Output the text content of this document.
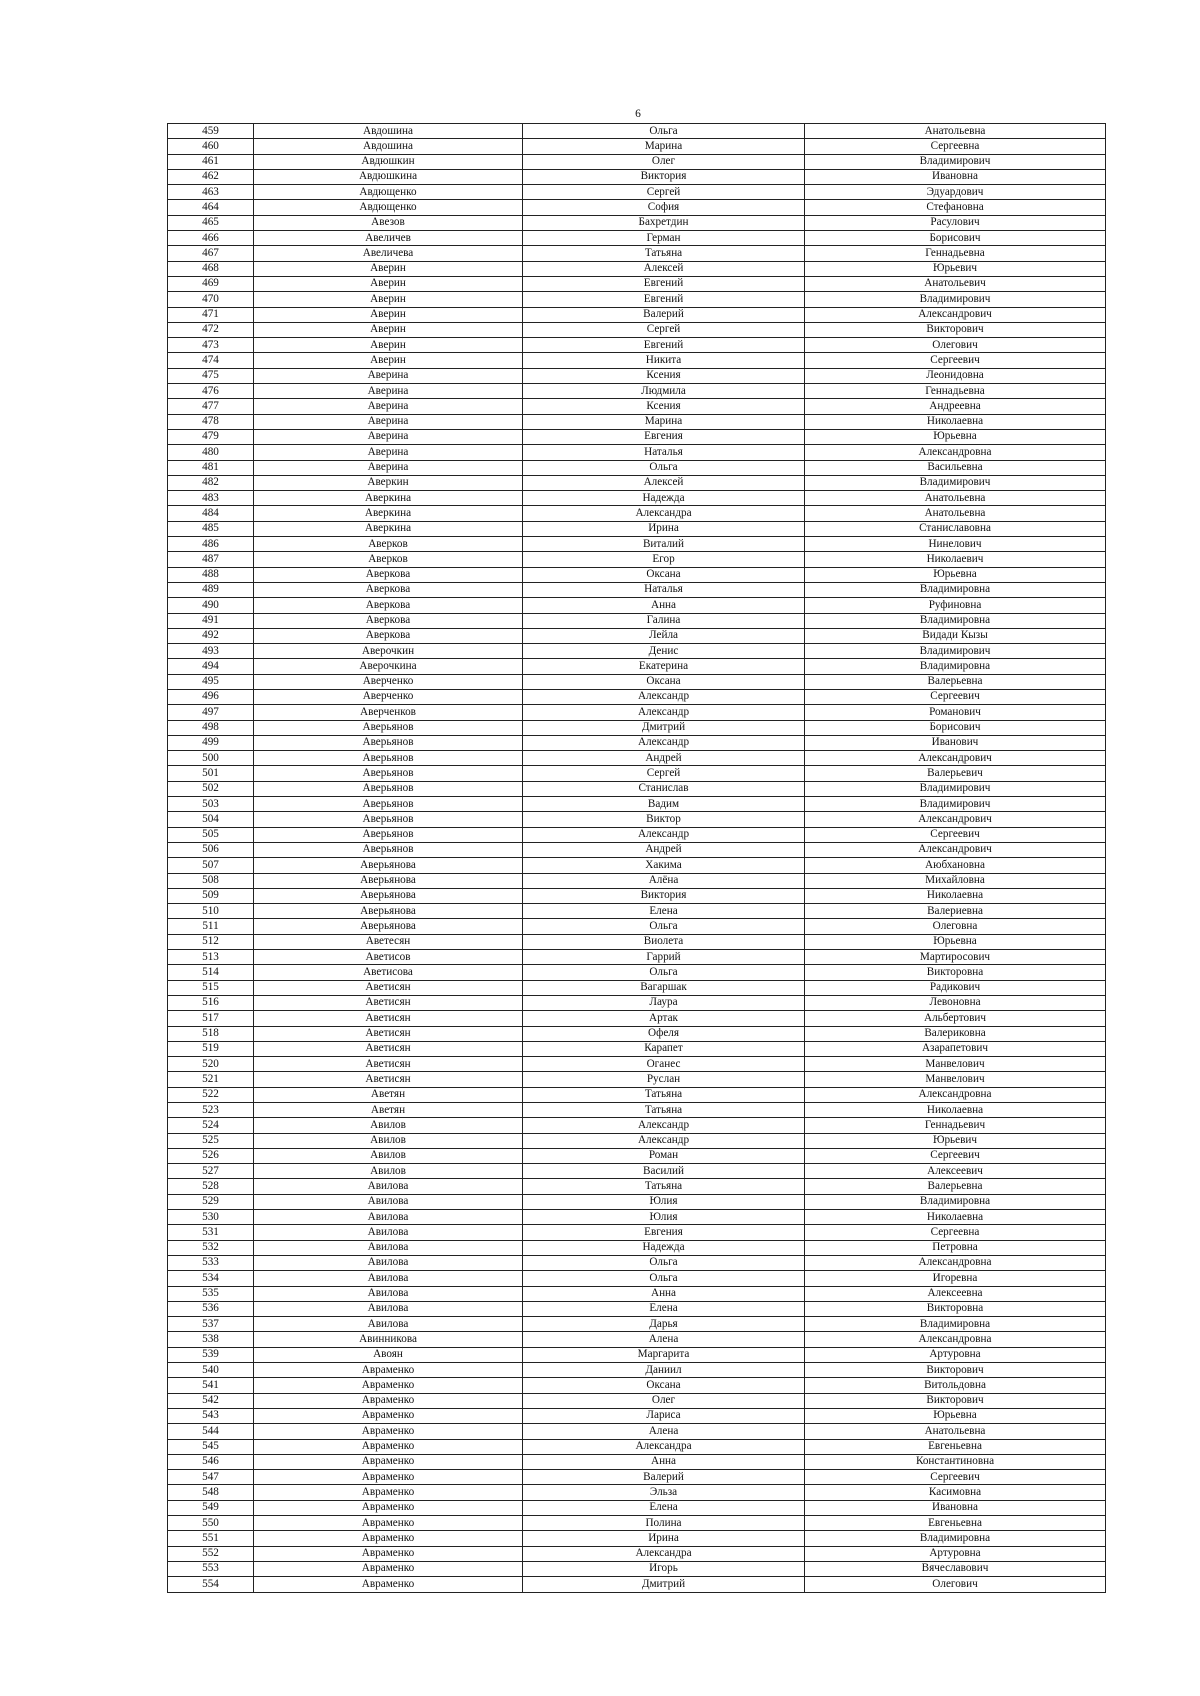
6
459	Авдошина	Ольга	Анатольевна
460	Авдошина	Марина	Сергеевна
461	Авдюшкин	Олег	Владимирович
462	Авдюшкина	Виктория	Ивановна
463	Авдющенко	Сергей	Эдуардович
464	Авдющенко	София	Стефановна
465	Авезов	Бахретдин	Расулович
466	Авеличев	Герман	Борисович
467	Авеличева	Татьяна	Геннадьевна
468	Аверин	Алексей	Юрьевич
469	Аверин	Евгений	Анатольевич
470	Аверин	Евгений	Владимирович
471	Аверин	Валерий	Александрович
472	Аверин	Сергей	Викторович
473	Аверин	Евгений	Олегович
474	Аверин	Никита	Сергеевич
475	Аверина	Ксения	Леонидовна
476	Аверина	Людмила	Геннадьевна
477	Аверина	Ксения	Андреевна
478	Аверина	Марина	Николаевна
479	Аверина	Евгения	Юрьевна
480	Аверина	Наталья	Александровна
481	Аверина	Ольга	Васильевна
482	Аверкин	Алексей	Владимирович
483	Аверкина	Надежда	Анатольевна
484	Аверкина	Александра	Анатольевна
485	Аверкина	Ирина	Станиславовна
486	Аверков	Виталий	Нинелович
487	Аверков	Егор	Николаевич
488	Аверкова	Оксана	Юрьевна
489	Аверкова	Наталья	Владимировна
490	Аверкова	Анна	Руфиновна
491	Аверкова	Галина	Владимировна
492	Аверкова	Лейла	Видади Кызы
493	Аверочкин	Денис	Владимирович
494	Аверочкина	Екатерина	Владимировна
495	Аверченко	Оксана	Валерьевна
496	Аверченко	Александр	Сергеевич
497	Аверченков	Александр	Романович
498	Аверьянов	Дмитрий	Борисович
499	Аверьянов	Александр	Иванович
500	Аверьянов	Андрей	Александрович
501	Аверьянов	Сергей	Валерьевич
502	Аверьянов	Станислав	Владимирович
503	Аверьянов	Вадим	Владимирович
504	Аверьянов	Виктор	Александрович
505	Аверьянов	Александр	Сергеевич
506	Аверьянов	Андрей	Александрович
507	Аверьянова	Хакима	Аюбхановна
508	Аверьянова	Алёна	Михайловна
509	Аверьянова	Виктория	Николаевна
510	Аверьянова	Елена	Валериевна
511	Аверьянова	Ольга	Олеговна
512	Аветесян	Виолета	Юрьевна
513	Аветисов	Гаррий	Мартиросович
514	Аветисова	Ольга	Викторовна
515	Аветисян	Вагаршак	Радикович
516	Аветисян	Лаура	Левоновна
517	Аветисян	Артак	Альбертович
518	Аветисян	Офеля	Валериковна
519	Аветисян	Карапет	Азарапетович
520	Аветисян	Оганес	Манвелович
521	Аветисян	Руслан	Манвелович
522	Аветян	Татьяна	Александровна
523	Аветян	Татьяна	Николаевна
524	Авилов	Александр	Геннадьевич
525	Авилов	Александр	Юрьевич
526	Авилов	Роман	Сергеевич
527	Авилов	Василий	Алексеевич
528	Авилова	Татьяна	Валерьевна
529	Авилова	Юлия	Владимировна
530	Авилова	Юлия	Николаевна
531	Авилова	Евгения	Сергеевна
532	Авилова	Надежда	Петровна
533	Авилова	Ольга	Александровна
534	Авилова	Ольга	Игоревна
535	Авилова	Анна	Алексеевна
536	Авилова	Елена	Викторовна
537	Авилова	Дарья	Владимировна
538	Авинникова	Алена	Александровна
539	Авоян	Маргарита	Артуровна
540	Авраменко	Даниил	Викторович
541	Авраменко	Оксана	Витольдовна
542	Авраменко	Олег	Викторович
543	Авраменко	Лариса	Юрьевна
544	Авраменко	Алена	Анатольевна
545	Авраменко	Александра	Евгеньевна
546	Авраменко	Анна	Константиновна
547	Авраменко	Валерий	Сергеевич
548	Авраменко	Эльза	Касимовна
549	Авраменко	Елена	Ивановна
550	Авраменко	Полина	Евгеньевна
551	Авраменко	Ирина	Владимировна
552	Авраменко	Александра	Артуровна
553	Авраменко	Игорь	Вячеславович
554	Авраменко	Дмитрий	Олегович
